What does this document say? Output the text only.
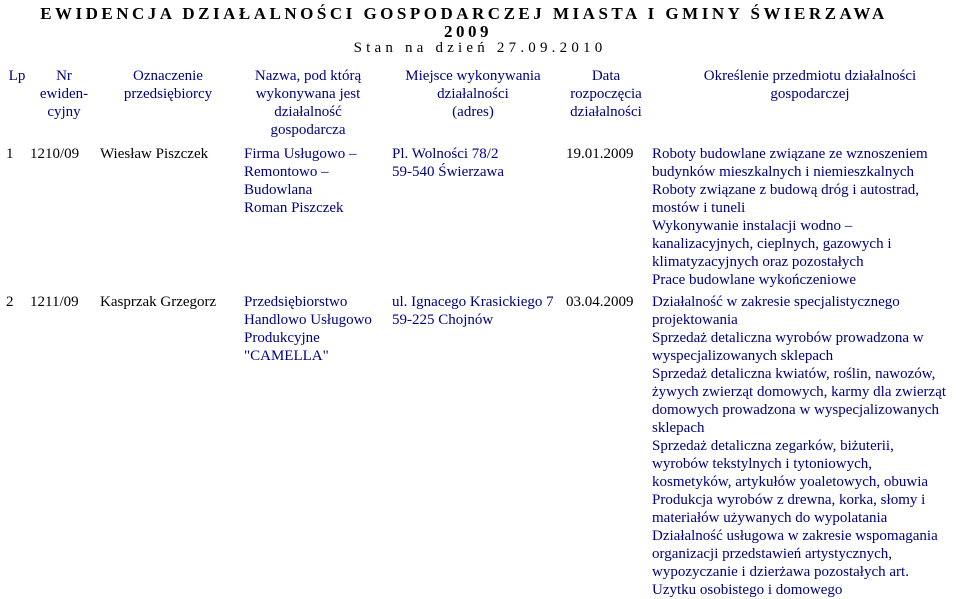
EWIDENCJA DZIAŁALNOŚCI GOSPODARCZEJ MIASTA I GMINY ŚWIERZAWA
2009
Stan na dzień 27.09.2010
Lp	Nr
ewiden-
cyjny
Oznaczenie
przedsiębiorcy
Nazwa, pod którą
wykonywana jest
działalność
gospodarcza
Miejsce wykonywania
działalności
(adres)
Data
rozpoczęcia
działalności
Określenie przedmiotu działalności
gospodarczej
1 1210/09 Wiesław Piszczek Firma Usługowo –
Remontowo –
Budowlana
Roman Piszczek
Pl. Wolności 78/2
59-540 Świerzawa
19.01.2009 Roboty budowlane związane ze wznoszeniem
budynków mieszkalnych i niemieszkalnych
Roboty związane z budową dróg i autostrad,
mostów i tuneli
Wykonywanie instalacji wodno –
kanalizacyjnych, cieplnych, gazowych i
klimatyzacyjnych oraz pozostałych
Prace budowlane wykończeniowe
2 1211/09 Kasprzak Grzegorz Przedsiębiorstwo
Handlowo Usługowo
Produkcyjne
"CAMELLA"
ul. Ignacego Krasickiego 7
59-225 Chojnów
03.04.2009 Działalność w zakresie specjalistycznego
projektowania
Sprzedaż detaliczna wyrobów prowadzona w
wyspecjalizowanych sklepach
Sprzedaż detaliczna kwiatów, roślin, nawozów,
żywych zwierząt domowych, karmy dla zwierząt
domowych prowadzona w wyspecjalizowanych
sklepach
Sprzedaż detaliczna zegarków, biżuterii,
wyrobów tekstylnych i tytoniowych,
kosmetyków, artykułów yoaletowych, obuwia
Produkcja wyrobów z drewna, korka, słomy i
materiałów używanych do wypolatania
Działalność usługowa w zakresie wspomagania
organizacji przedstawień artystycznych,
wypozyczanie i dzierżawa pozostałych art.
Uzytku osobistego i domowego
